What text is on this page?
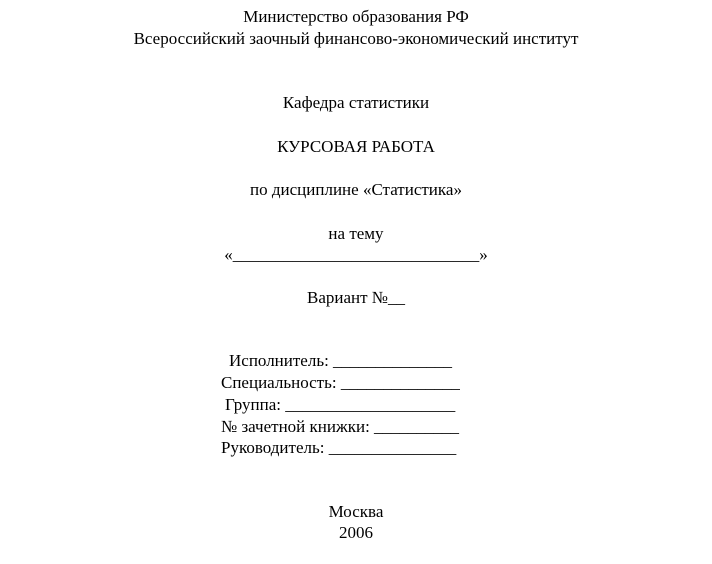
Министерство образования РФ

Всероссийский заочный финансово-экономический институт

Кафедра статистики

КУРСОВАЯ РАБОТА

по дисциплине «Статистика»

на тему

«_____________________________»

Вариант №__

Исполнитель: ______________

Специальность: ______________

Группа: ____________________

№ зачетной книжки: __________

Руководитель: _______________

Москва

2006
